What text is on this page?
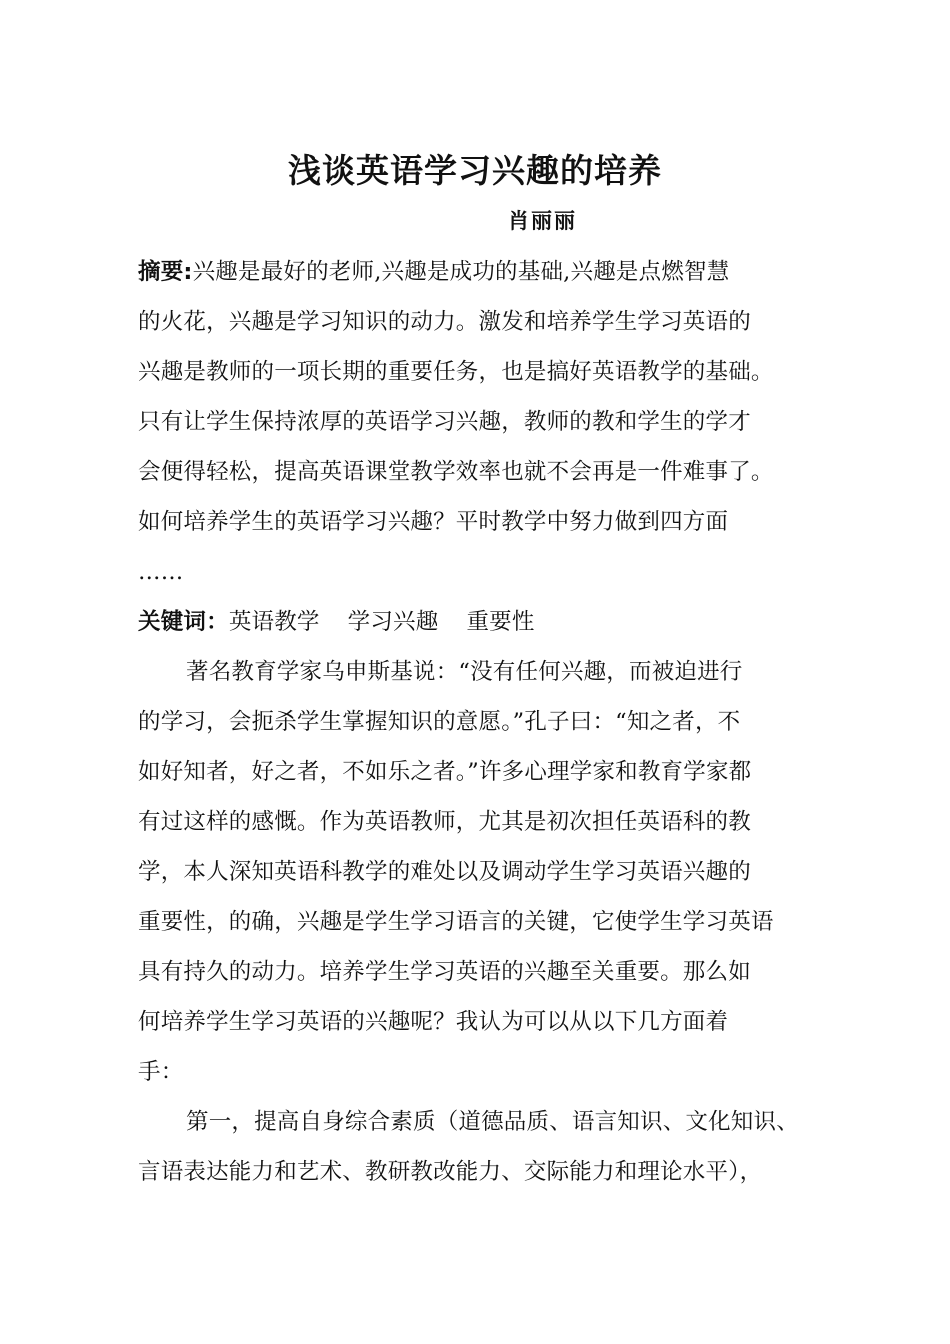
浅谈英语学习兴趣的培养
肖丽丽
摘要:兴趣是最好的老师,兴趣是成功的基础,兴趣是点燃智慧
的火花，兴趣是学习知识的动力。激发和培养学生学习英语的
兴趣是教师的一项长期的重要任务，也是搞好英语教学的基础。
只有让学生保持浓厚的英语学习兴趣，教师的教和学生的学才
会便得轻松，提高英语课堂教学效率也就不会再是一件难事了。
如何培养学生的英语学习兴趣？平时教学中努力做到四方面
……
关键词：英语教学 学习兴趣 重要性
著名教育学家乌申斯基说：“没有任何兴趣，而被迫进行
的学习，会扼杀学生掌握知识的意愿。”孔子曰：“知之者，不
如好知者，好之者，不如乐之者。”许多心理学家和教育学家都
有过这样的感慨。作为英语教师，尤其是初次担任英语科的教
学，本人深知英语科教学的难处以及调动学生学习英语兴趣的
重要性，的确，兴趣是学生学习语言的关键，它使学生学习英语
具有持久的动力。培养学生学习英语的兴趣至关重要。那么如
何培养学生学习英语的兴趣呢？我认为可以从以下几方面着
手：
第一，提高自身综合素质（道德品质、语言知识、文化知识、
言语表达能力和艺术、教研教改能力、交际能力和理论水平），
